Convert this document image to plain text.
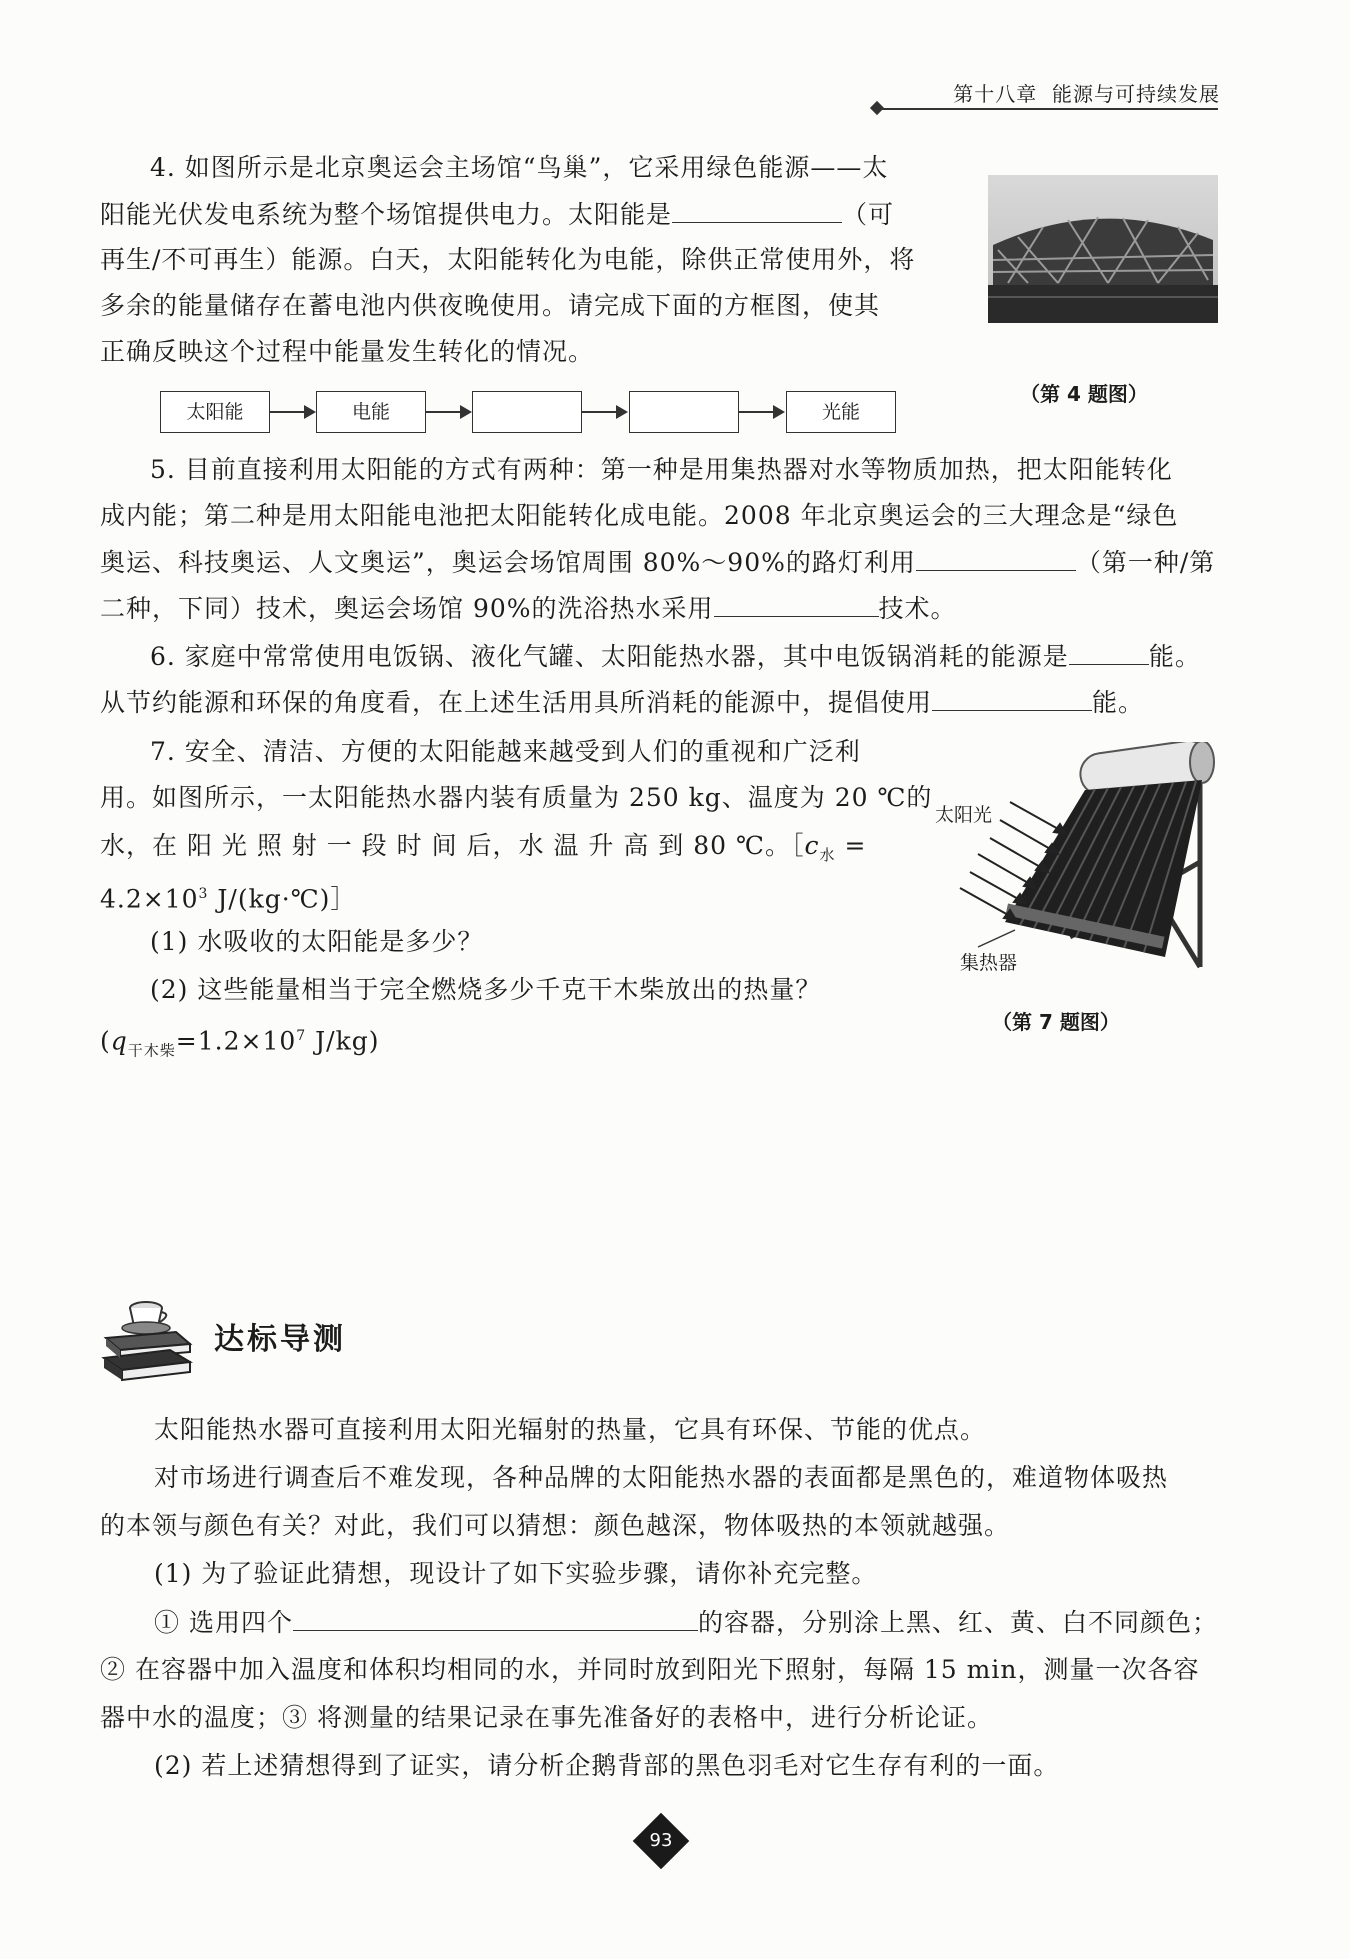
第十八章 能源与可持续发展
4. 如图所示是北京奥运会主场馆“鸟巢”，它采用绿色能源——太
阳能光伏发电系统为整个场馆提供电力。太阳能是	（可
再生/不可再生）能源。白天，太阳能转化为电能，除供正常使用外，将
多余的能量储存在蓄电池内供夜晚使用。请完成下面的方框图，使其
正确反映这个过程中能量发生转化的情况。
（第 4 题图）
太阳能	电能	光能
5. 目前直接利用太阳能的方式有两种：第一种是用集热器对水等物质加热，把太阳能转化
成内能；第二种是用太阳能电池把太阳能转化成电能。2008 年北京奥运会的三大理念是“绿色
奥运、科技奥运、人文奥运”，奥运会场馆周围 80%～90%的路灯利用	（第一种/第
二种，下同）技术，奥运会场馆 90%的洗浴热水采用	技术。
6. 家庭中常常使用电饭锅、液化气罐、太阳能热水器，其中电饭锅消耗的能源是	能。
从节约能源和环保的角度看，在上述生活用具所消耗的能源中，提倡使用	能。
7. 安全、清洁、方便的太阳能越来越受到人们的重视和广泛利
用。如图所示，一太阳能热水器内装有质量为 250 kg、温度为 20 ℃的
水，在 阳 光 照 射 一 段 时 间 后，水 温 升 高 到 80 ℃。$[c_水$ =
$4.2\times 10^3$ J/(kg·℃)］
(1) 水吸收的太阳能是多少？
(2) 这些能量相当于完全燃烧多少千克干木柴放出的热量？
($q_{干木柴}=1.2\times 10^7$ J/kg)
太阳光
集热器
（第 7 题图）
达标导测
太阳能热水器可直接利用太阳光辐射的热量，它具有环保、节能的优点。
对市场进行调查后不难发现，各种品牌的太阳能热水器的表面都是黑色的，难道物体吸热
的本领与颜色有关？对此，我们可以猜想：颜色越深，物体吸热的本领就越强。
(1) 为了验证此猜想，现设计了如下实验步骤，请你补充完整。
① 选用四个	的容器，分别涂上黑、红、黄、白不同颜色；
② 在容器中加入温度和体积均相同的水，并同时放到阳光下照射，每隔 15 min，测量一次各容
器中水的温度；③ 将测量的结果记录在事先准备好的表格中，进行分析论证。
(2) 若上述猜想得到了证实，请分析企鹅背部的黑色羽毛对它生存有利的一面。
93
